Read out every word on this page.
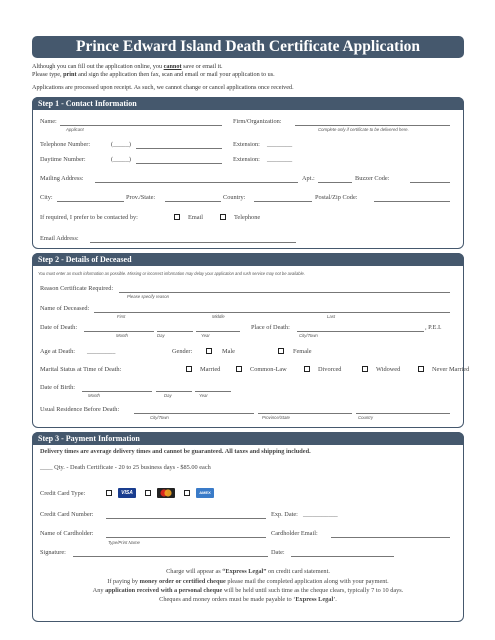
Prince Edward Island Death Certificate Application
Although you can fill out the application online, you cannot save or email it.
Please type, print and sign the application then fax, scan and email or mail your application to us.
Applications are processed upon receipt. As such, we cannot change or cancel applications once received.
Step 1 - Contact Information
Name:
Applicant
Firm/Organization:
Complete only if certificate to be delivered here.
Telephone Number:	(_____)	Extension: ________
Daytime Number:	(_____)	Extension: ________
Mailing Address:	Apt.:	Buzzer Code:
City:	Prov./State:	Country:	Postal/Zip Code:
If required, I prefer to be contacted by:	Email	Telephone
Email Address:
Step 2 - Details of Deceased
You must enter as much information as possible. Missing or incorrect information may delay your application and rush service may not be available.
Reason Certificate Required:
Please specify reason
Name of Deceased:
First	Middle	Last
Date of Death:
Month	Day	Year
Place of Death:	, P.E.I.
City/Town
Age at Death: _________	Gender:	Male	Female
Marital Status at Time of Death:	Married	Common-Law	Divorced	Widowed	Never Married
Date of Birth:
Month	Day	Year
Usual Residence Before Death:
City/Town	Province/State	Country
Step 3 - Payment Information
Delivery times are average delivery times and cannot be guaranteed. All taxes and shipping included.
____ Qty. - Death Certificate - 20 to 25 business days - $85.00 each
Credit Card Type:	VISA	AMEX
Credit Card Number:	Exp. Date: ___________
Name of Cardholder:
Type/Print Name
Cardholder Email:
Signature:	Date:
Charge will appear as “Express Legal” on credit card statement.
If paying by money order or certified cheque please mail the completed application along with your payment.
Any application received with a personal cheque will be held until such time as the cheque clears, typically 7 to 10 days.
Cheques and money orders must be made payable to ‘Express Legal’.
